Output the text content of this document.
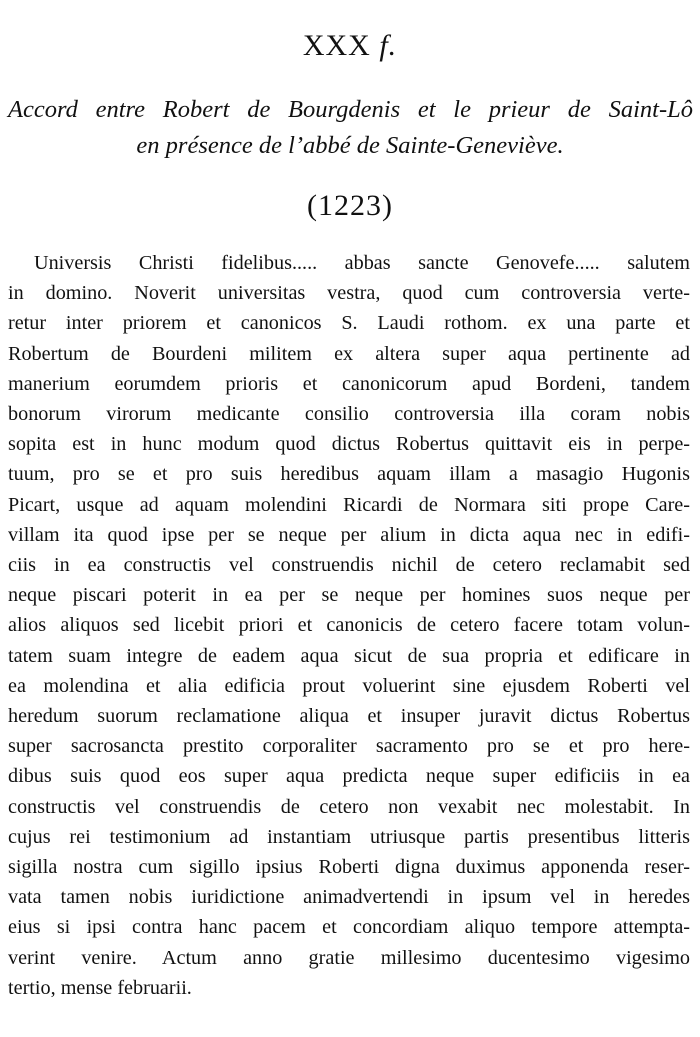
XXX f.
Accord entre Robert de Bourgdenis et le prieur de Saint-Lô
en présence de l’abbé de Sainte-Geneviève.
(1223)
Universis Christi fidelibus..... abbas sancte Genovefe..... salutem
in domino. Noverit universitas vestra, quod cum controversia verte-
retur inter priorem et canonicos S. Laudi rothom. ex una parte et
Robertum de Bourdeni militem ex altera super aqua pertinente ad
manerium eorumdem prioris et canonicorum apud Bordeni, tandem
bonorum virorum medicante consilio controversia illa coram nobis
sopita est in hunc modum quod dictus Robertus quittavit eis in perpe-
tuum, pro se et pro suis heredibus aquam illam a masagio Hugonis
Picart, usque ad aquam molendini Ricardi de Normara siti prope Care-
villam ita quod ipse per se neque per alium in dicta aqua nec in edifi-
ciis in ea constructis vel construendis nichil de cetero reclamabit sed
neque piscari poterit in ea per se neque per homines suos neque per
alios aliquos sed licebit priori et canonicis de cetero facere totam volun-
tatem suam integre de eadem aqua sicut de sua propria et edificare in
ea molendina et alia edificia prout voluerint sine ejusdem Roberti vel
heredum suorum reclamatione aliqua et insuper juravit dictus Robertus
super sacrosancta prestito corporaliter sacramento pro se et pro here-
dibus suis quod eos super aqua predicta neque super edificiis in ea
constructis vel construendis de cetero non vexabit nec molestabit. In
cujus rei testimonium ad instantiam utriusque partis presentibus litteris
sigilla nostra cum sigillo ipsius Roberti digna duximus apponenda reser-
vata tamen nobis iuridictione animadvertendi in ipsum vel in heredes
eius si ipsi contra hanc pacem et concordiam aliquo tempore attempta-
verint venire. Actum anno gratie millesimo ducentesimo vigesimo
tertio, mense februarii.
